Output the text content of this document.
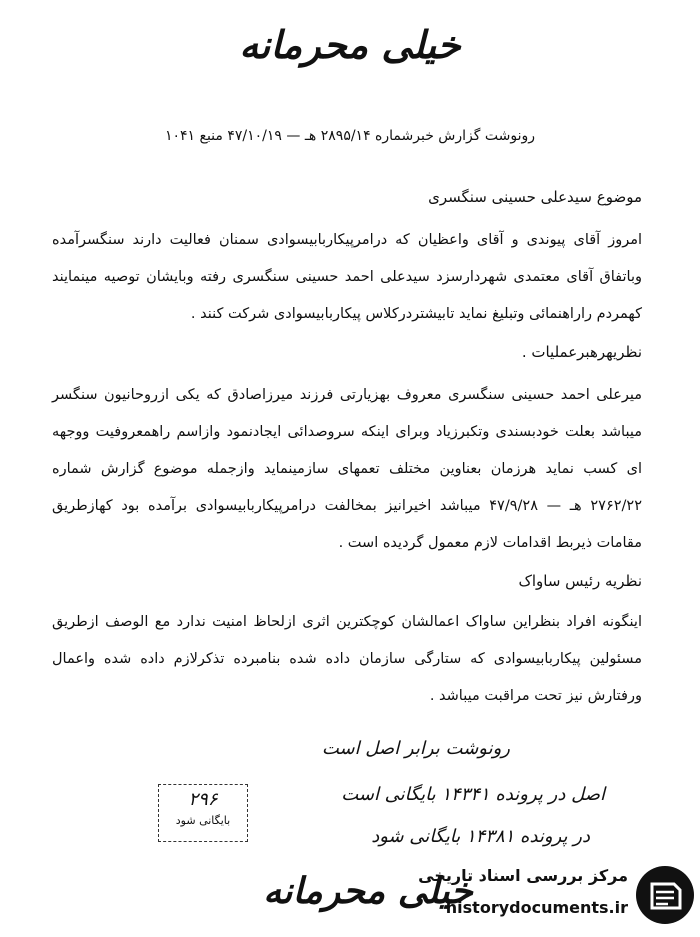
خیلی محرمانه
رونوشت گزارش خبرشماره ۲۸۹۵/۱۴ هـ — ۴۷/۱۰/۱۹ منبع ۱۰۴۱
موضوع سیدعلی حسینی سنگسری
امروز آقای پیوندی و آقای واعظیان که درامرپیکاربابیسوادی سمنان فعالیت دارند سنگسرآمده وباتفاق آقای معتمدی شهردارسزد سیدعلی احمد حسینی سنگسری رفته وبایشان توصیه مینمایند کهمردم راراهنمائی وتبلیغ نماید تابیشتردرکلاس پیکاربابیسوادی شرکت کنند .
نظریهرهبرعملیات .
میرعلی احمد حسینی سنگسری معروف بهزیارتی فرزند میرزاصادق که یکی ازروحانیون سنگسر میباشد بعلت خودبسندی وتکبرزیاد وبرای اینکه سروصدائی ایجادنمود وازاسم راهمعروفیت ووجهه ای کسب نماید هرزمان بعناوین مختلف تعمهای سازمینماید وازجمله موضوع گزارش شماره ۲۷۶۲/۲۲ هـ — ۴۷/۹/۲۸ میباشد اخیرانیز بمخالفت درامرپیکاربابیسوادی برآمده بود کهازطریق مقامات ذیربط اقدامات لازم معمول گردیده است .
نظریه رئیس ساواک
اینگونه افراد بنظراین ساواک اعمالشان کوچکترین اثری ازلحاظ امنیت ندارد مع الوصف ازطریق مسئولین پیکاربابیسوادی که ستارگی سازمان داده شده بنامبرده تذکرلازم داده شده واعمال ورفتارش نیز تحت مراقبت میباشد .
رونوشت برابر اصل است
اصل در پرونده ۱۴۳۴۱ بایگانی است
در پرونده ۱۴۳۸۱ بایگانی شود
۲۹۶
بایگانی شود
خیلی محرمانه
مرکز بررسی اسناد تاریخی
historydocuments.ir
